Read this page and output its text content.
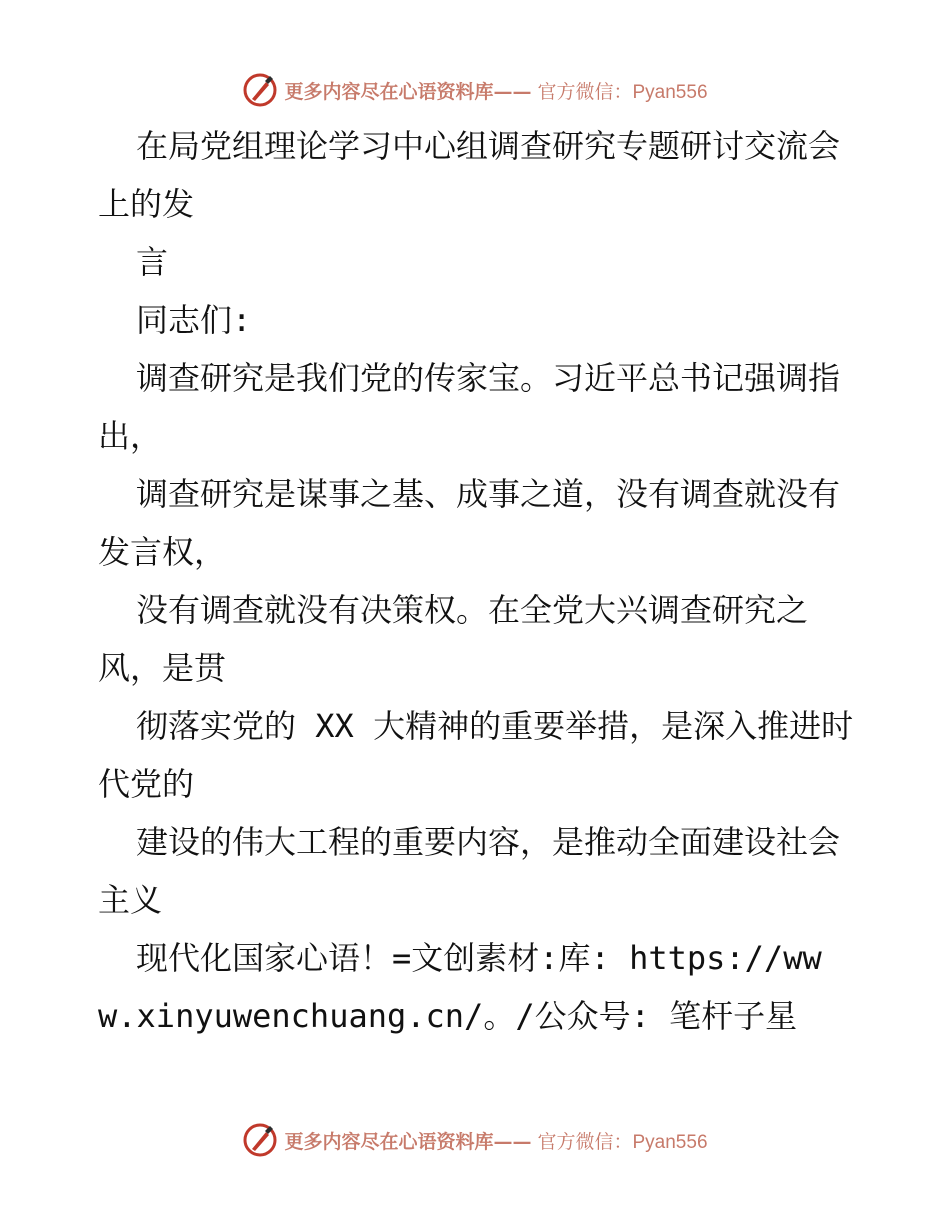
更多内容尽在心语资料库—— 官方微信：Pyan556

在局党组理论学习中心组调查研究专题研讨交流会上的发

言

同志们:

调查研究是我们党的传家宝。习近平总书记强调指出，

调查研究是谋事之基、成事之道，没有调查就没有发言权，

没有调查就没有决策权。在全党大兴调查研究之风，是贯

彻落实党的 XX 大精神的重要举措，是深入推进时代党的

建设的伟大工程的重要内容，是推动全面建设社会主义

现代化国家心语！=文创素材:库: https://www.xinyuwenchuang.cn/。/公众号: 笔杆子星

更多内容尽在心语资料库—— 官方微信：Pyan556
